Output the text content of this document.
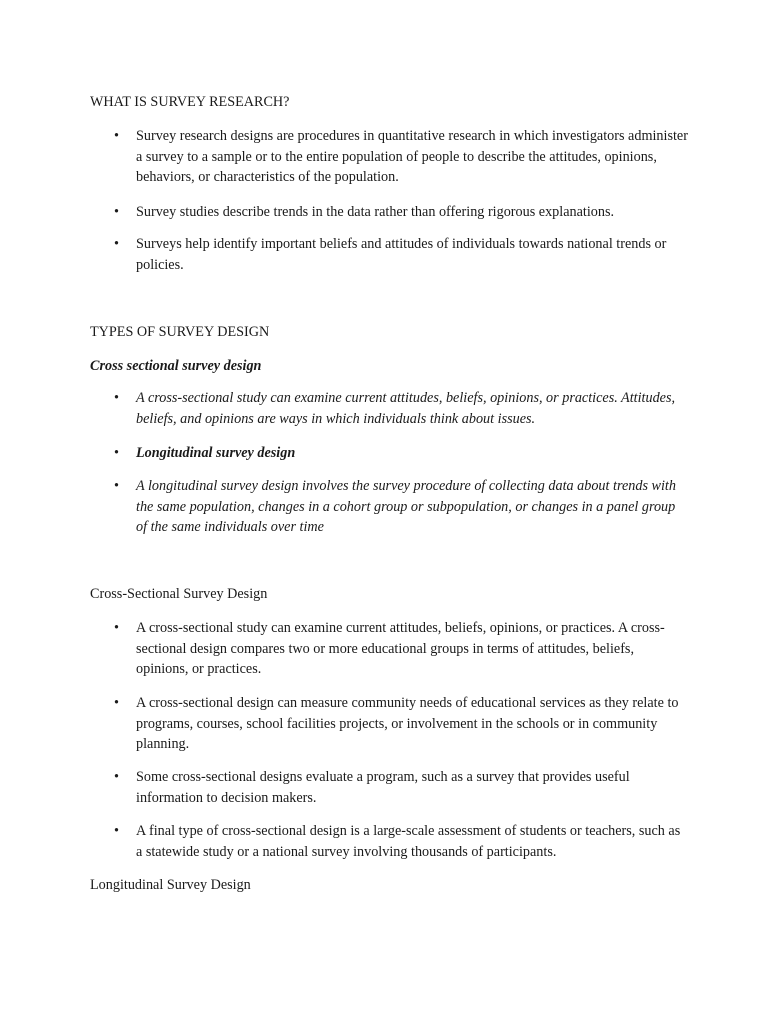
WHAT IS SURVEY RESEARCH?

• Survey research designs are procedures in quantitative research in which investigators administer a survey to a sample or to the entire population of people to describe the attitudes, opinions, behaviors, or characteristics of the population.

• Survey studies describe trends in the data rather than offering rigorous explanations.

• Surveys help identify important beliefs and attitudes of individuals towards national trends or policies.

TYPES OF SURVEY DESIGN

Cross sectional survey design

• A cross-sectional study can examine current attitudes, beliefs, opinions, or practices. Attitudes, beliefs, and opinions are ways in which individuals think about issues.

• Longitudinal survey design

• A longitudinal survey design involves the survey procedure of collecting data about trends with the same population, changes in a cohort group or subpopulation, or changes in a panel group of the same individuals over time

Cross-Sectional Survey Design

• A cross-sectional study can examine current attitudes, beliefs, opinions, or practices. A cross-sectional design compares two or more educational groups in terms of attitudes, beliefs, opinions, or practices.

• A cross-sectional design can measure community needs of educational services as they relate to programs, courses, school facilities projects, or involvement in the schools or in community planning.

• Some cross-sectional designs evaluate a program, such as a survey that provides useful information to decision makers.

• A final type of cross-sectional design is a large-scale assessment of students or teachers, such as a statewide study or a national survey involving thousands of participants.

Longitudinal Survey Design
